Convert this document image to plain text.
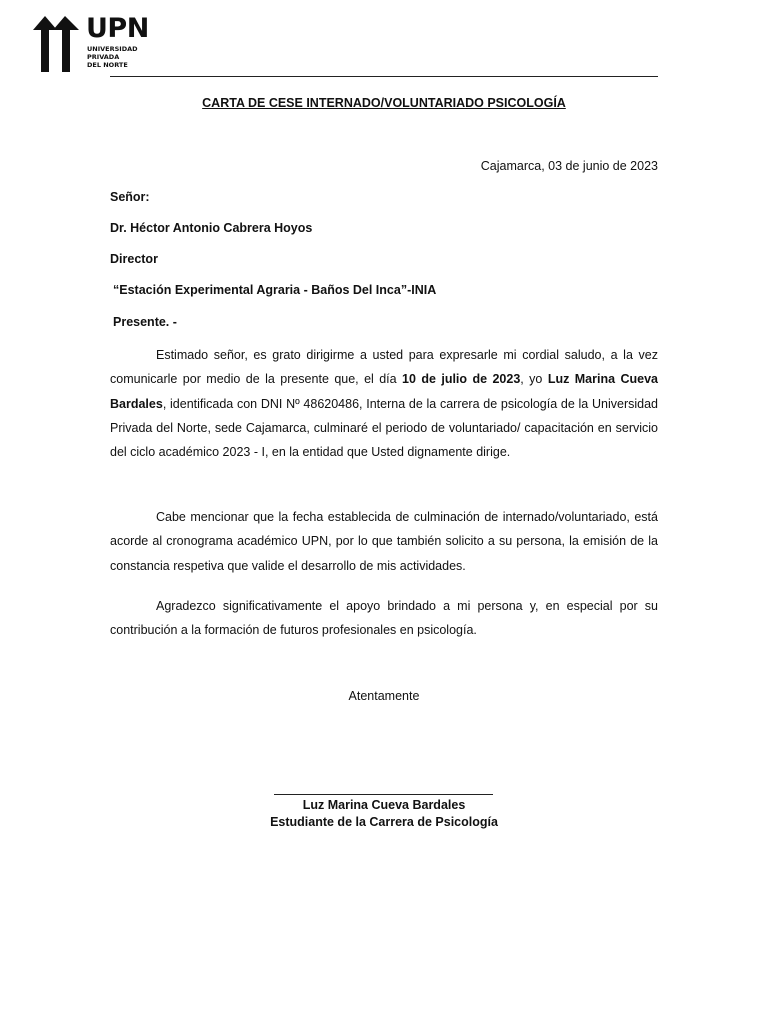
UPN
UNIVERSIDAD
PRIVADA
DEL NORTE
CARTA DE CESE INTERNADO/VOLUNTARIADO PSICOLOGÍA
Cajamarca, 03 de junio de 2023
Señor:
Dr. Héctor Antonio Cabrera Hoyos
Director
“Estación Experimental Agraria - Baños Del Inca”-INIA
Presente. -
Estimado señor, es grato dirigirme a usted para expresarle mi cordial saludo, a la vez comunicarle por medio de la presente que, el día 10 de julio de 2023, yo Luz Marina Cueva Bardales, identificada con DNI Nº 48620486, Interna de la carrera de psicología de la Universidad Privada del Norte, sede Cajamarca, culminaré el periodo de voluntariado/ capacitación en servicio del ciclo académico 2023 - I, en la entidad que Usted dignamente dirige.
Cabe mencionar que la fecha establecida de culminación de internado/voluntariado, está acorde al cronograma académico UPN, por lo que también solicito a su persona, la emisión de la constancia respetiva que valide el desarrollo de mis actividades.
Agradezco significativamente el apoyo brindado a mi persona y, en especial por su contribución a la formación de futuros profesionales en psicología.
Atentamente
Luz Marina Cueva Bardales
Estudiante de la Carrera de Psicología
